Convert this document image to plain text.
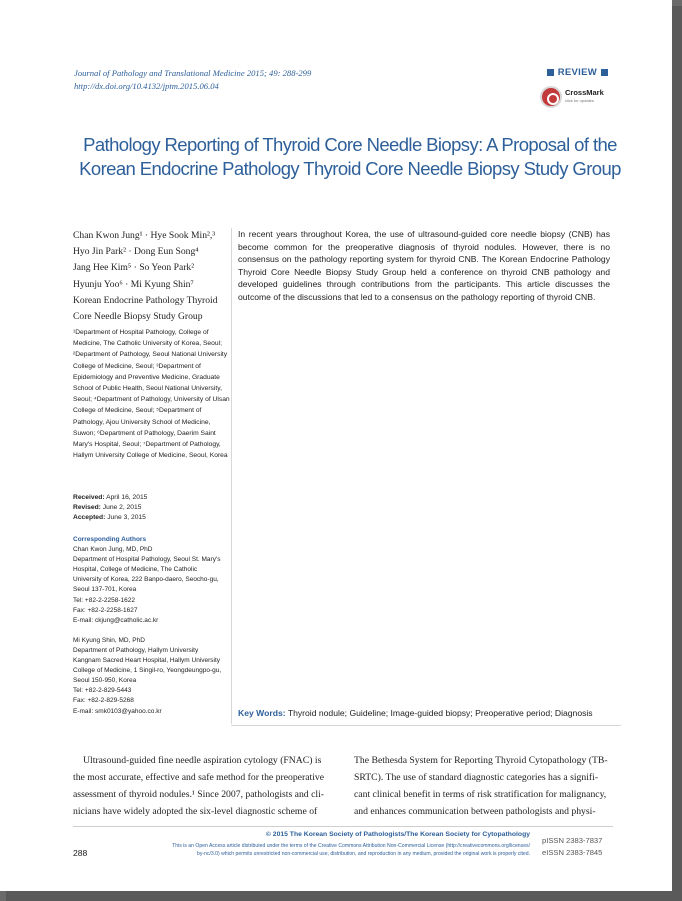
Journal of Pathology and Translational Medicine 2015; 49: 288-299
http://dx.doi.org/10.4132/jptm.2015.06.04
REVIEW
CrossMark
click for updates
Pathology Reporting of Thyroid Core Needle Biopsy: A Proposal of the
Korean Endocrine Pathology Thyroid Core Needle Biopsy Study Group
Chan Kwon Jung¹ · Hye Sook Min²,³
Hyo Jin Park² · Dong Eun Song⁴
Jang Hee Kim⁵ · So Yeon Park²
Hyunju Yoo⁶ · Mi Kyung Shin⁷
Korean Endocrine Pathology Thyroid
Core Needle Biopsy Study Group
In recent years throughout Korea, the use of ultrasound-guided core needle biopsy (CNB) has become common for the preoperative diagnosis of thyroid nodules. However, there is no consensus on the pathology reporting system for thyroid CNB. The Korean Endocrine Pathology Thyroid Core Needle Biopsy Study Group held a conference on thyroid CNB pathology and developed guidelines through contributions from the participants. This article discusses the outcome of the discussions that led to a consensus on the pathology reporting of thyroid CNB.
¹Department of Hospital Pathology, College of Medicine, The Catholic University of Korea, Seoul; ²Department of Pathology, Seoul National University College of Medicine, Seoul; ³Department of Epidemiology and Preventive Medicine, Graduate School of Public Health, Seoul National University, Seoul; ⁴Department of Pathology, University of Ulsan College of Medicine, Seoul; ⁵Department of Pathology, Ajou University School of Medicine, Suwon; ⁶Department of Pathology, Daerim Saint Mary's Hospital, Seoul; ⁷Department of Pathology, Hallym University College of Medicine, Seoul, Korea
Received: April 16, 2015
Revised: June 2, 2015
Accepted: June 3, 2015
Corresponding Authors
Chan Kwon Jung, MD, PhD
Department of Hospital Pathology, Seoul St. Mary's
Hospital, College of Medicine, The Catholic
University of Korea, 222 Banpo-daero, Seocho-gu,
Seoul 137-701, Korea
Tel: +82-2-2258-1622
Fax: +82-2-2258-1627
E-mail: ckjung@catholic.ac.kr
Mi Kyung Shin, MD, PhD
Department of Pathology, Hallym University
Kangnam Sacred Heart Hospital, Hallym University
College of Medicine, 1 Singil-ro, Yeongdeungpo-gu,
Seoul 150-950, Korea
Tel: +82-2-829-5443
Fax: +82-2-829-5268
E-mail: smk0103@yahoo.co.kr	Key Words: Thyroid nodule; Guideline; Image-guided biopsy; Preoperative period; Diagnosis
Ultrasound-guided fine needle aspiration cytology (FNAC) is
the most accurate, effective and safe method for the preoperative
assessment of thyroid nodules.¹ Since 2007, pathologists and cli-
nicians have widely adopted the six-level diagnostic scheme of
The Bethesda System for Reporting Thyroid Cytopathology (TB-
SRTC). The use of standard diagnostic categories has a signifi-
cant clinical benefit in terms of risk stratification for malignancy,
and enhances communication between pathologists and physi-
288
© 2015 The Korean Society of Pathologists/The Korean Society for Cytopathology
This is an Open Access article distributed under the terms of the Creative Commons Attribution Non-Commercial License (http://creativecommons.org/licenses/
by-nc/3.0) which permits unrestricted non-commercial use, distribution, and reproduction in any medium, provided the original work is properly cited.
pISSN 2383-7837
eISSN 2383-7845
